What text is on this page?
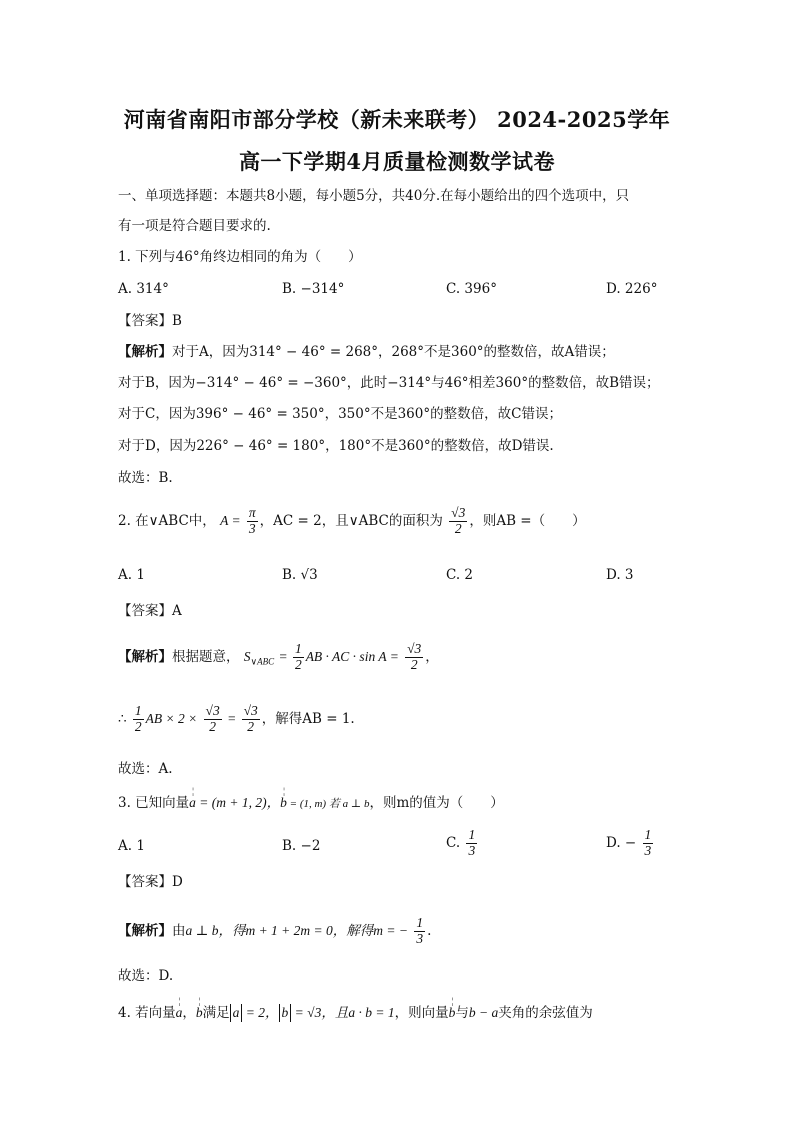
河南省南阳市部分学校（新未来联考） 2024-2025学年
高一下学期4月质量检测数学试卷
一、单项选择题：本题共8小题，每小题5分，共40分.在每小题给出的四个选项中，只
有一项是符合题目要求的.
1. 下列与46°角终边相同的角为（　　）
A. 314°	B. −314°	C. 396°	D. 226°
【答案】B
【解析】对于A，因为314° − 46° = 268°，268°不是360°的整数倍，故A错误；
对于B，因为−314° − 46° = −360°，此时−314°与46°相差360°的整数倍，故B错误；
对于C，因为396° − 46° = 350°，350°不是360°的整数倍，故C错误；
对于D，因为226° − 46° = 180°，180°不是360°的整数倍，故D错误.
故选：B.
2. 在∨ABC中， $A = \frac{\pi}{3}$ ，AC = 2，且∨ABC的面积为 $\frac{√3}{2}$ ，则AB =（　　）
A. 1	B. √3	C. 2	D. 3
【答案】A
【解析】根据题意， $S_{\vee ABC} = \frac{1}{2}$ AB · AC · $\sin A = \frac{√3}{2}$ ，
∴ $\frac{1}{2}$ AB × $2 \times \frac{√3}{2} = \frac{√3}{2}$ ，解得AB = 1.
故选：A.
3. 已知向量¦ a = (m + 1, 2)，¦ b = (1, m) 若 a ⊥ b，则m的值为（　　）
A. 1	B. −2	C. $\frac{1}{3}$	D. − $\frac{1}{3}$
【答案】D
【解析】由a ⊥ b，得m + 1 + 2m = 0，解得m = − $\frac{1}{3}$ .
故选：D.
4. 若向量¦ a，¦ b满足 a = 2， b = √3，且a · b = 1，则向量¦ b与b − a夹角的余弦值为
